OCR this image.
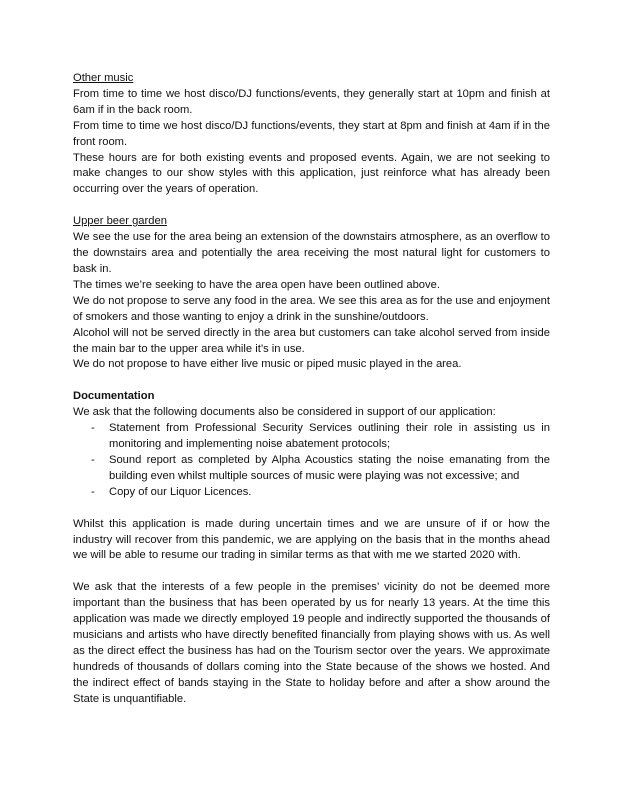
Other music

From time to time we host disco/DJ functions/events, they generally start at 10pm and finish at 6am if in the back room.

From time to time we host disco/DJ functions/events, they start at 8pm and finish at 4am if in the front room.

These hours are for both existing events and proposed events. Again, we are not seeking to make changes to our show styles with this application, just reinforce what has already been occurring over the years of operation.

Upper beer garden

We see the use for the area being an extension of the downstairs atmosphere, as an overflow to the downstairs area and potentially the area receiving the most natural light for customers to bask in.

The times we’re seeking to have the area open have been outlined above.

We do not propose to serve any food in the area. We see this area as for the use and enjoyment of smokers and those wanting to enjoy a drink in the sunshine/outdoors.

Alcohol will not be served directly in the area but customers can take alcohol served from inside the main bar to the upper area while it’s in use.

We do not propose to have either live music or piped music played in the area.

Documentation

We ask that the following documents also be considered in support of our application:

- Statement from Professional Security Services outlining their role in assisting us in monitoring and implementing noise abatement protocols;
- Sound report as completed by Alpha Acoustics stating the noise emanating from the building even whilst multiple sources of music were playing was not excessive; and
- Copy of our Liquor Licences.

Whilst this application is made during uncertain times and we are unsure of if or how the industry will recover from this pandemic, we are applying on the basis that in the months ahead we will be able to resume our trading in similar terms as that with me we started 2020 with.

We ask that the interests of a few people in the premises’ vicinity do not be deemed more important than the business that has been operated by us for nearly 13 years. At the time this application was made we directly employed 19 people and indirectly supported the thousands of musicians and artists who have directly benefited financially from playing shows with us. As well as the direct effect the business has had on the Tourism sector over the years. We approximate hundreds of thousands of dollars coming into the State because of the shows we hosted. And the indirect effect of bands staying in the State to holiday before and after a show around the State is unquantifiable.
